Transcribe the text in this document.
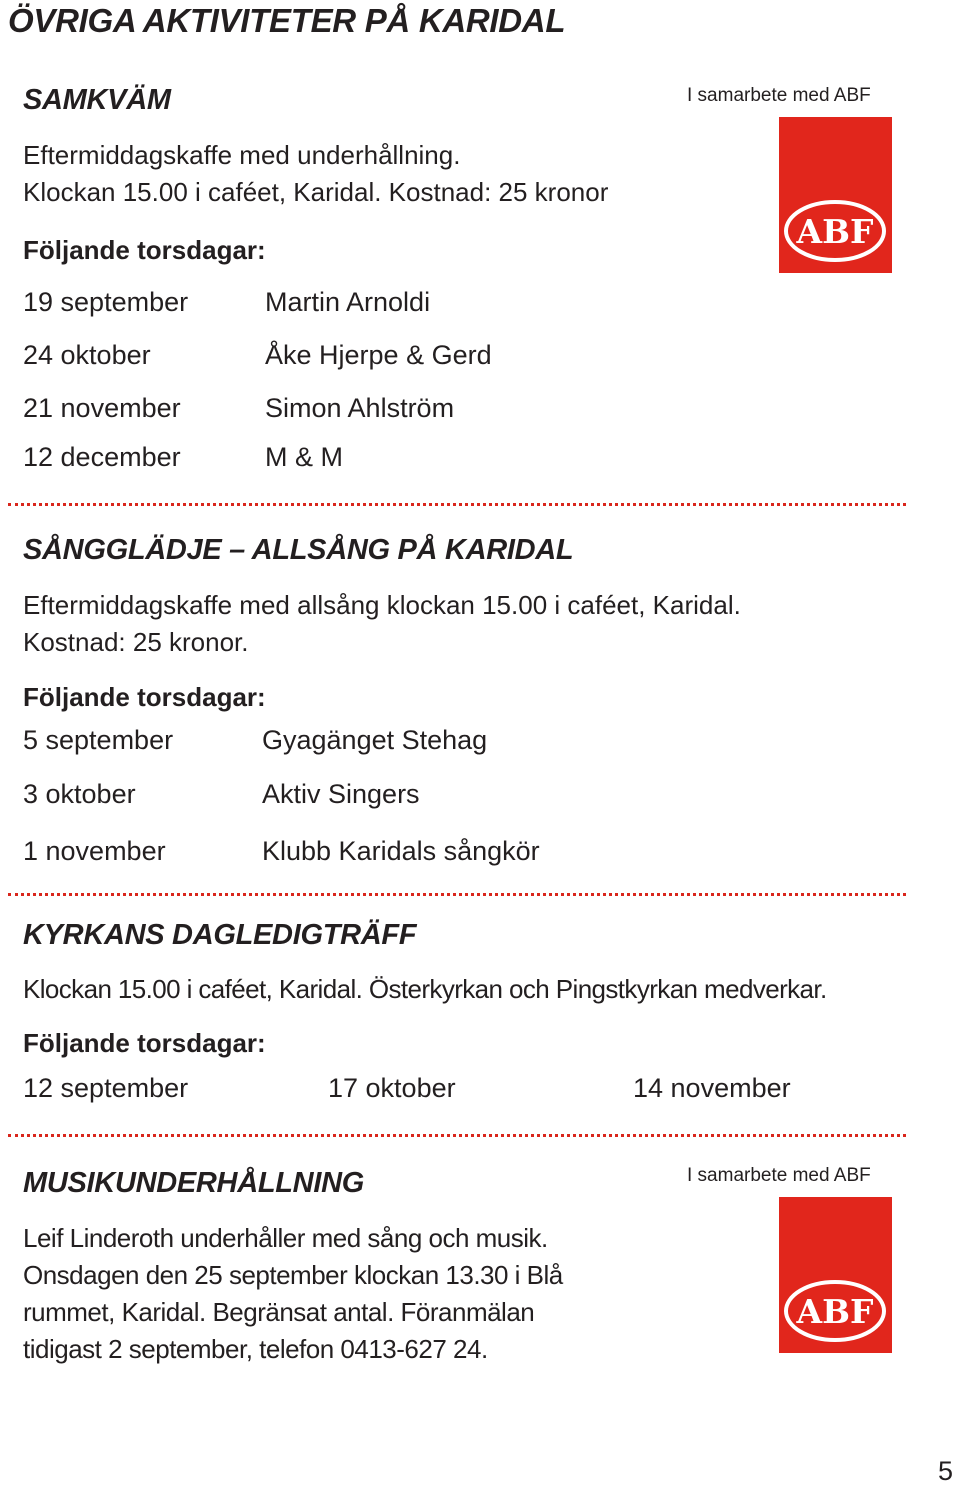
ÖVRIGA AKTIVITETER PÅ KARIDAL
SAMKVÄM	I samarbete med ABF
ABF
Eftermiddagskaffe med underhållning.
Klockan 15.00 i caféet, Karidal. Kostnad: 25 kronor
Följande torsdagar:
19 september	Martin Arnoldi
24 oktober	Åke Hjerpe & Gerd
21 november	Simon Ahlström
12 december	M & M
SÅNGGLÄDJE – ALLSÅNG PÅ KARIDAL
Eftermiddagskaffe med allsång klockan 15.00 i caféet, Karidal.
Kostnad: 25 kronor.
Följande torsdagar:
5 september	Gyagänget Stehag
3 oktober	Aktiv Singers
1 november	Klubb Karidals sångkör
KYRKANS DAGLEDIGTRÄFF
Klockan 15.00 i caféet, Karidal. Österkyrkan och Pingstkyrkan medverkar.
Följande torsdagar:
12 september	17 oktober	14 november
MUSIKUNDERHÅLLNING	I samarbete med ABF
ABF
Leif Linderoth underhåller med sång och musik.
Onsdagen den 25 september klockan 13.30 i Blå
rummet, Karidal. Begränsat antal. Föranmälan
tidigast 2 september, telefon 0413-627 24.
5
